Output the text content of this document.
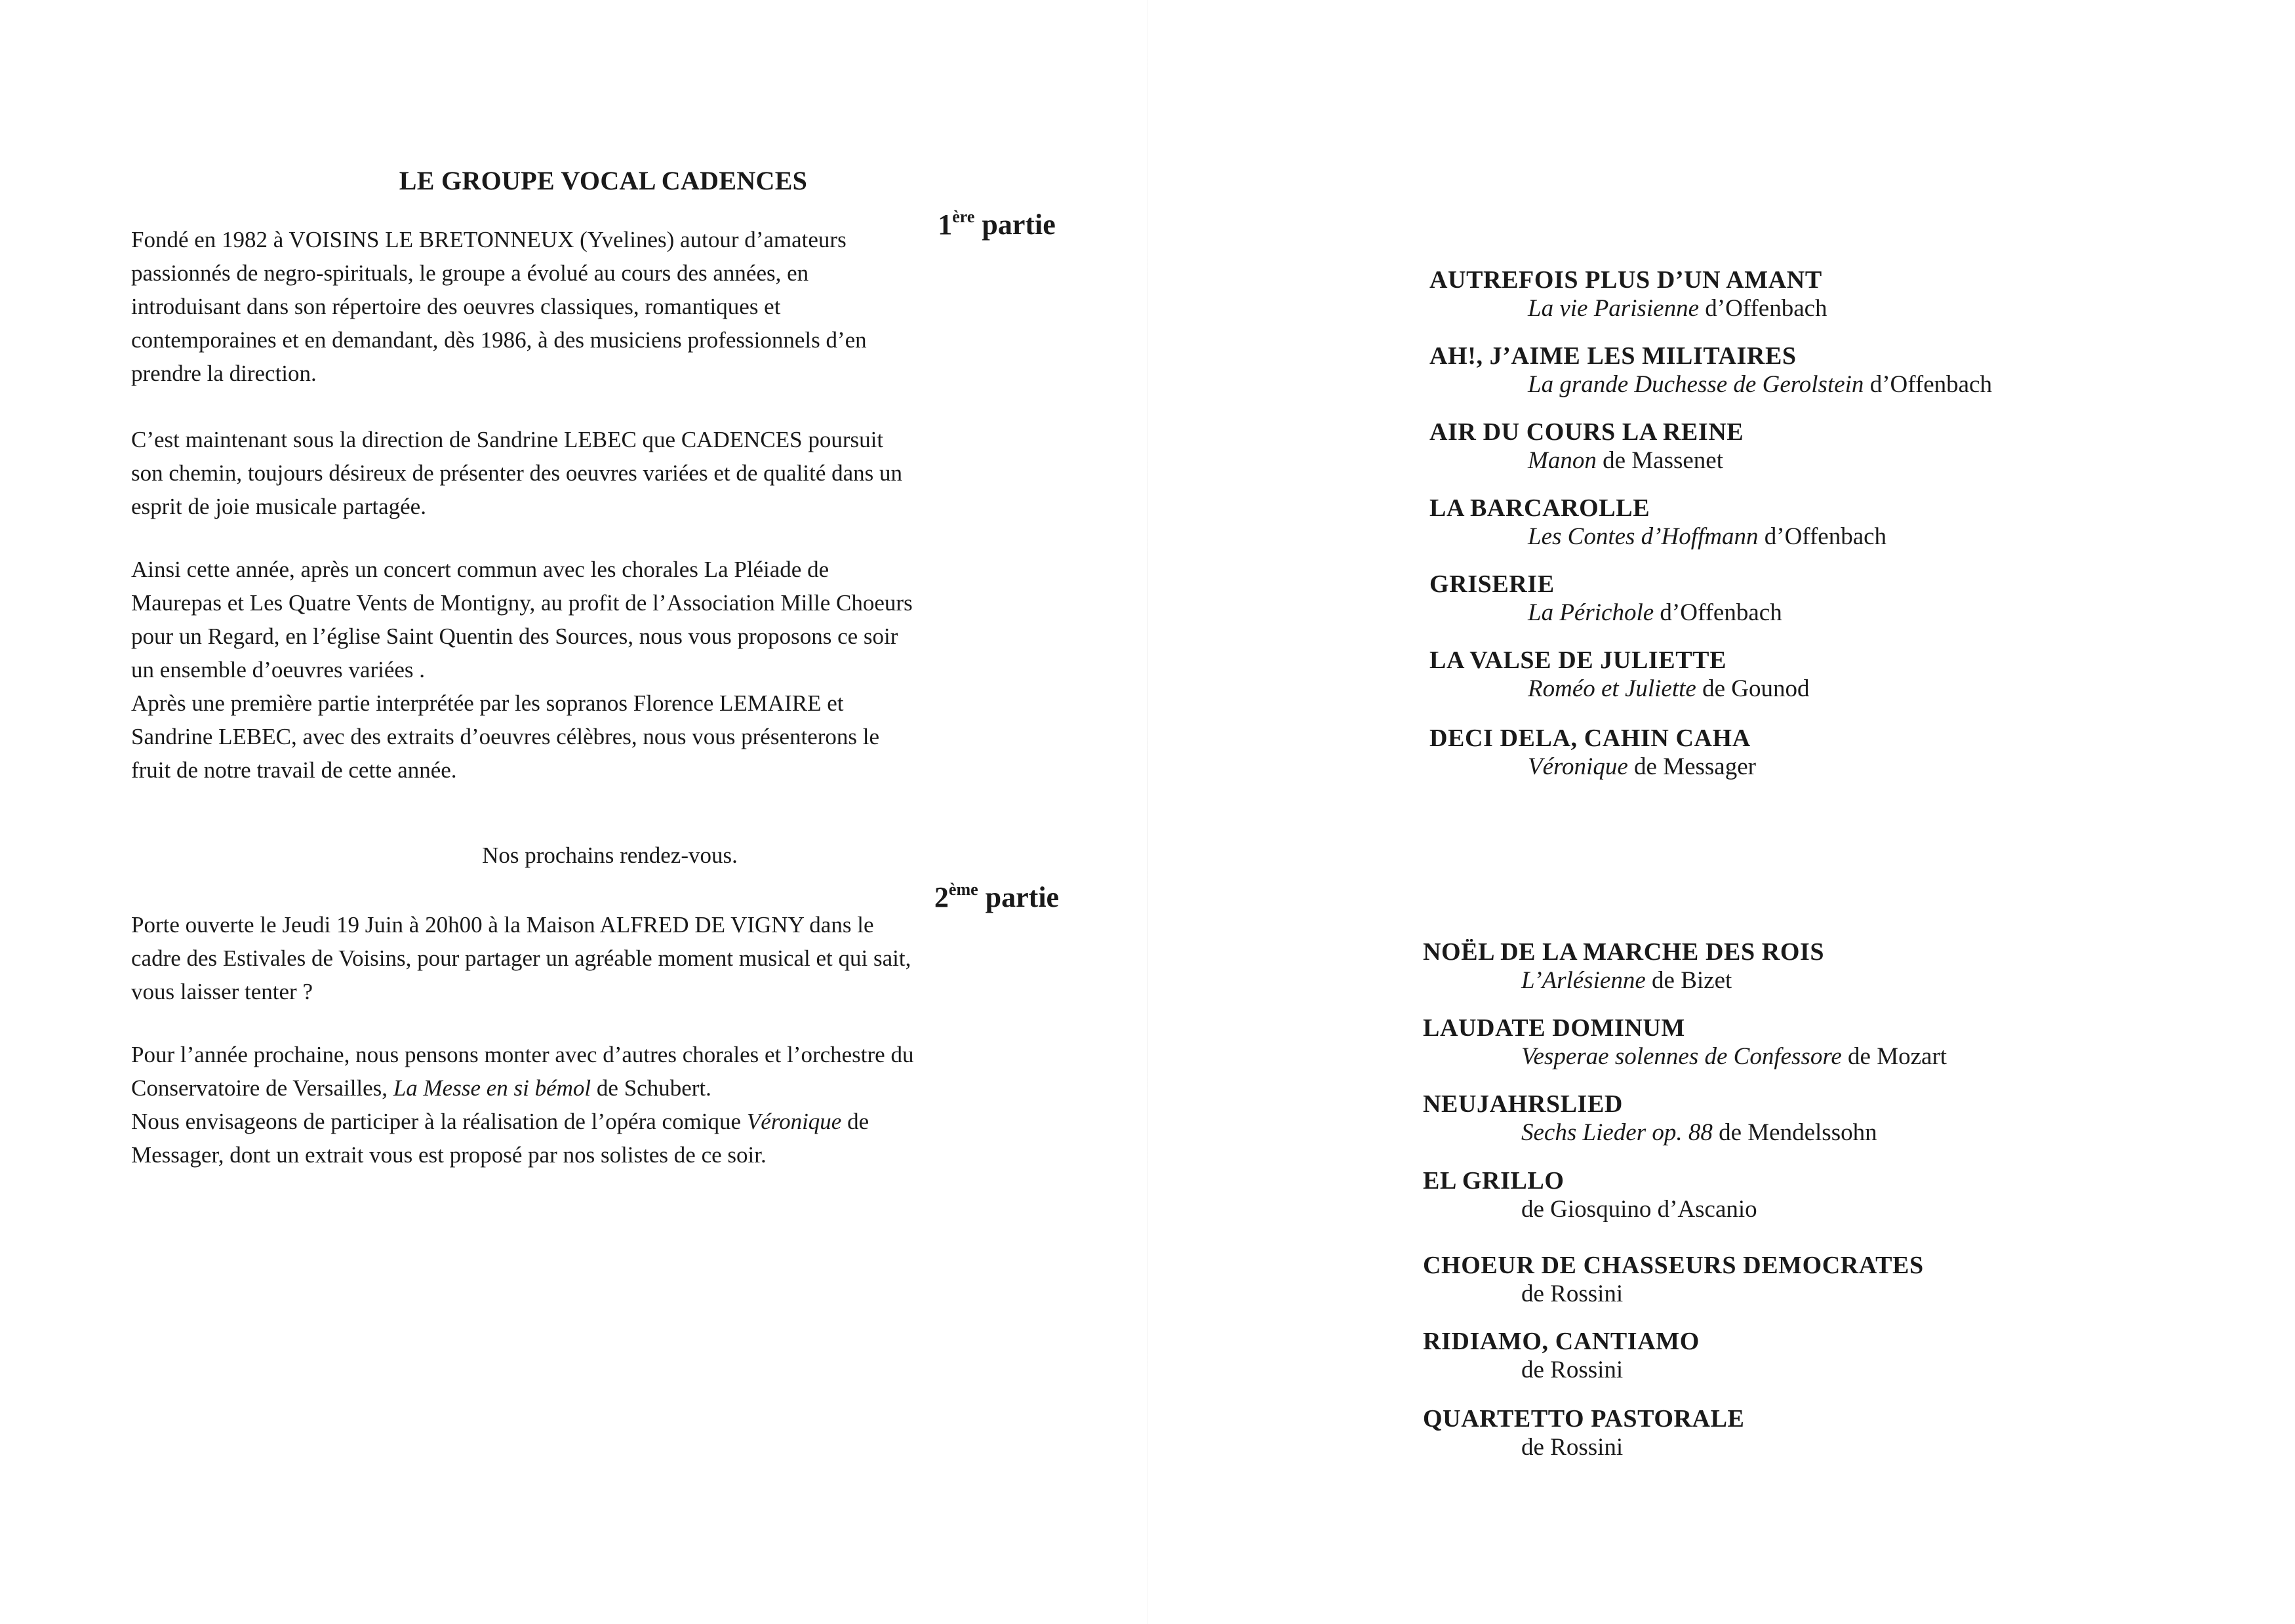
LE GROUPE VOCAL CADENCES
Fondé en 1982 à VOISINS LE BRETONNEUX (Yvelines) autour d’amateurs
passionnés de negro-spirituals, le groupe a évolué au cours des années, en
introduisant dans son répertoire des oeuvres classiques, romantiques et
contemporaines et en demandant, dès 1986, à des musiciens professionnels d’en
prendre la direction.
C’est maintenant sous la direction de Sandrine LEBEC que CADENCES poursuit
son chemin, toujours désireux de présenter des oeuvres variées et de qualité dans un
esprit de joie musicale partagée.
Ainsi cette année, après un concert commun avec les chorales La Pléiade de
Maurepas et Les Quatre Vents de Montigny, au profit de l’Association Mille Choeurs
pour un Regard, en l’église Saint Quentin des Sources, nous vous proposons ce soir
un ensemble d’oeuvres variées .
Après une première partie interprétée par les sopranos Florence LEMAIRE et
Sandrine LEBEC, avec des extraits d’oeuvres célèbres, nous vous présenterons le
fruit de notre travail de cette année.
Nos prochains rendez-vous.
Porte ouverte le Jeudi 19 Juin à 20h00 à la Maison ALFRED DE VIGNY dans le
cadre des Estivales de Voisins, pour partager un agréable moment musical et qui sait,
vous laisser tenter ?
Pour l’année prochaine, nous pensons monter avec d’autres chorales et l’orchestre du
Conservatoire de Versailles, La Messe en si bémol de Schubert.
Nous envisageons de participer à la réalisation de l’opéra comique Véronique de
Messager, dont un extrait vous est proposé par nos solistes de ce soir.
1ère partie
AUTREFOIS PLUS D’UN AMANT
La vie Parisienne d’Offenbach
AH!, J’AIME LES MILITAIRES
La grande Duchesse de Gerolstein d’Offenbach
AIR DU COURS LA REINE
Manon de Massenet
LA BARCAROLLE
Les Contes d’Hoffmann d’Offenbach
GRISERIE
La Périchole d’Offenbach
LA VALSE DE JULIETTE
Roméo et Juliette de Gounod
DECI DELA, CAHIN CAHA
Véronique de Messager
2ème partie
NOËL DE LA MARCHE DES ROIS
L’Arlésienne de Bizet
LAUDATE DOMINUM
Vesperae solennes de Confessore de Mozart
NEUJAHRSLIED
Sechs Lieder op. 88 de Mendelssohn
EL GRILLO
de Giosquino d’Ascanio
CHOEUR DE CHASSEURS DEMOCRATES
de Rossini
RIDIAMO, CANTIAMO
de Rossini
QUARTETTO PASTORALE
de Rossini
